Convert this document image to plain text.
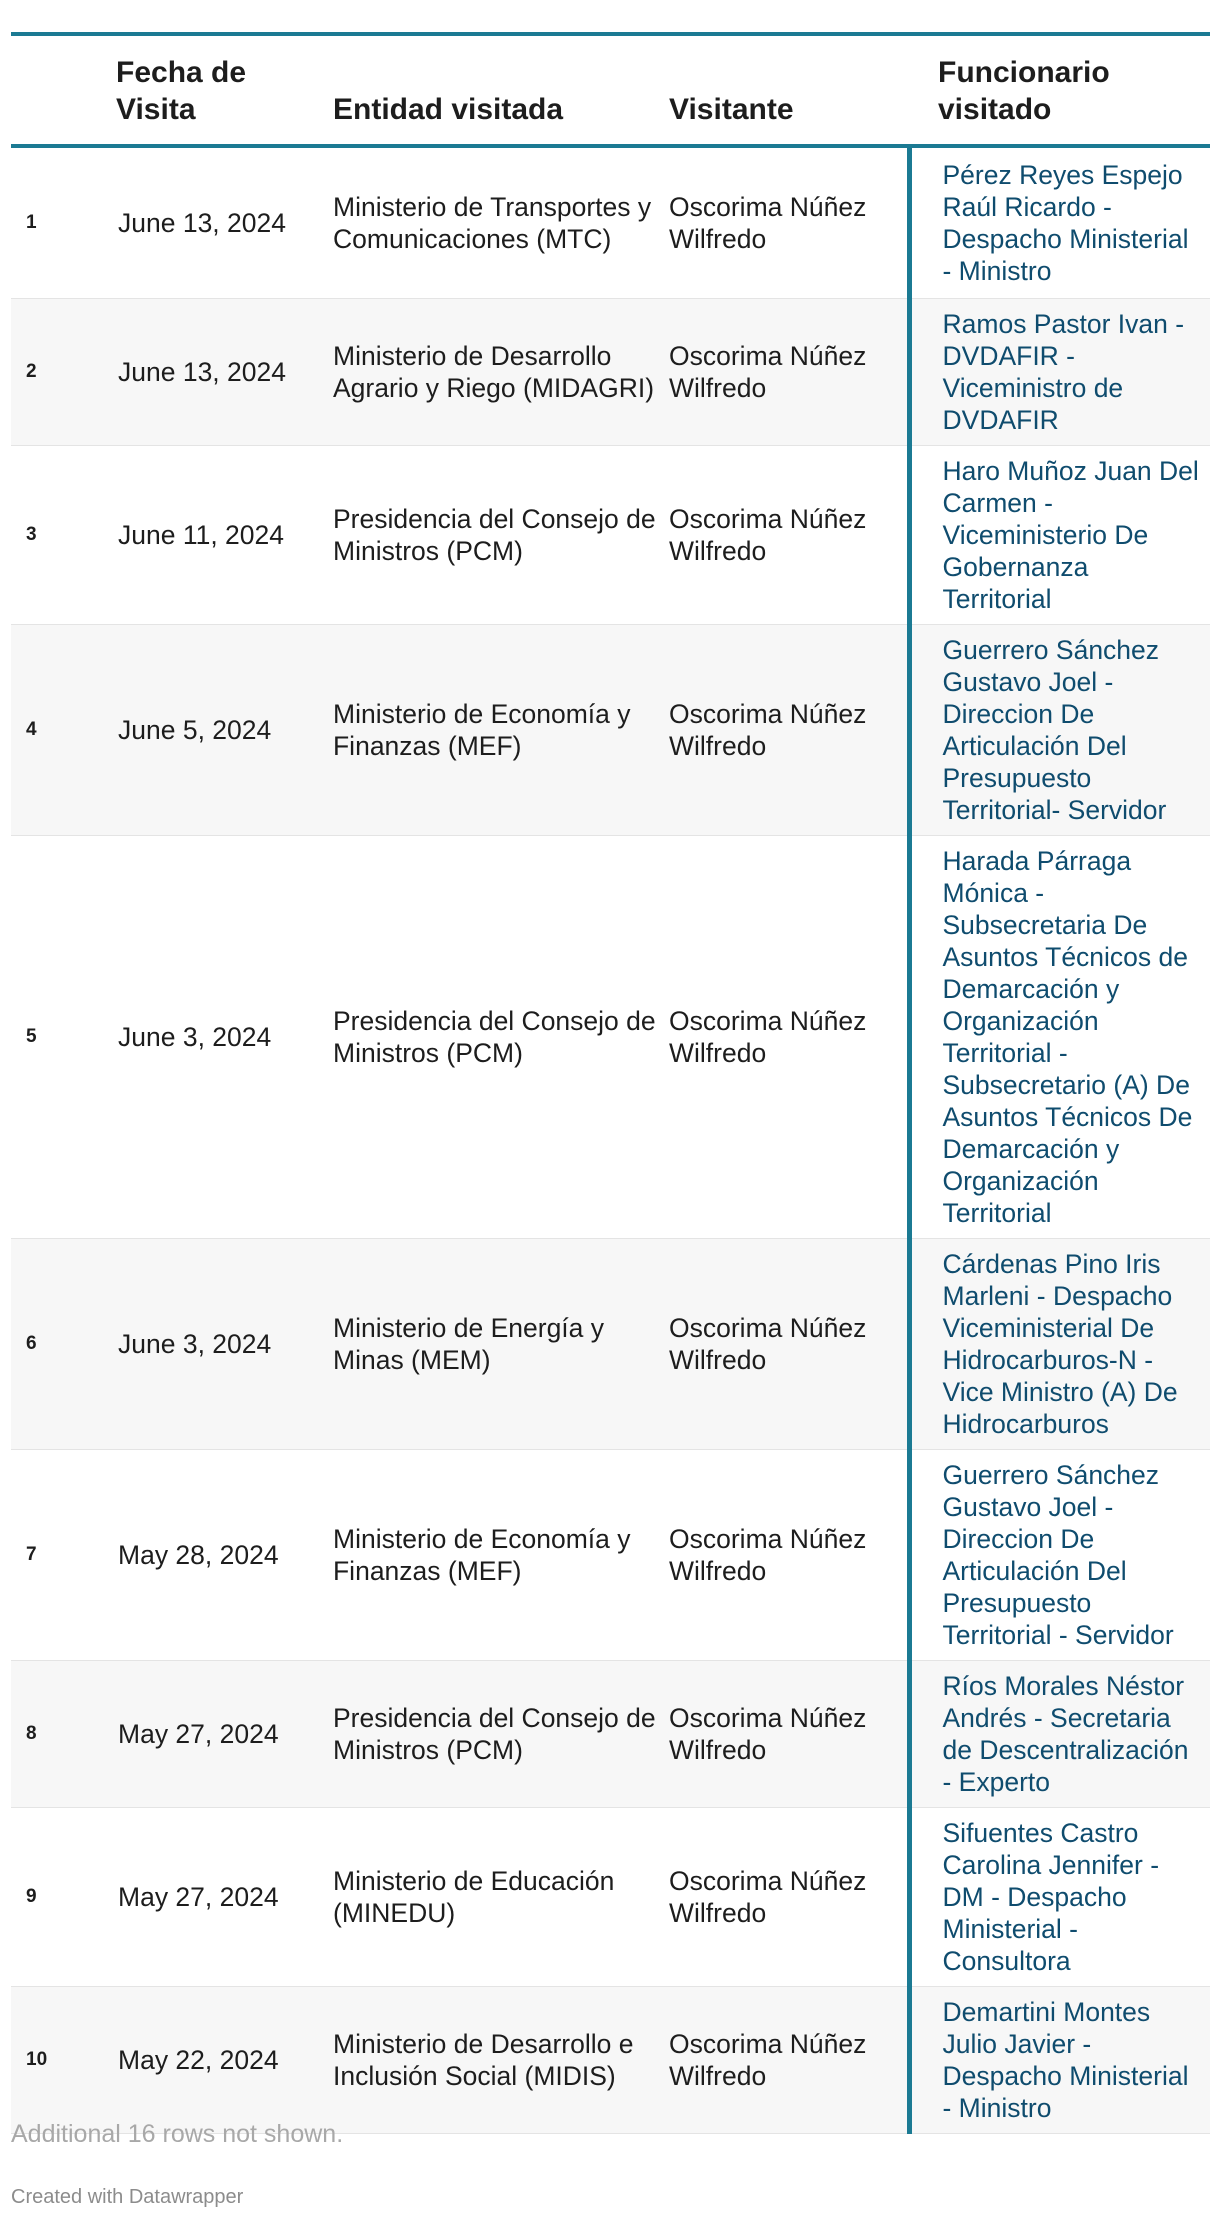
	Fecha de Visita	Entidad visitada	Visitante	Funcionario visitado
1	June 13, 2024	Ministerio de Transportes y Comunicaciones (MTC)	Oscorima Núñez Wilfredo	Pérez Reyes Espejo Raúl Ricardo - Despacho Ministerial - Ministro
2	June 13, 2024	Ministerio de Desarrollo Agrario y Riego (MIDAGRI)	Oscorima Núñez Wilfredo	Ramos Pastor Ivan - DVDAFIR - Viceministro de DVDAFIR
3	June 11, 2024	Presidencia del Consejo de Ministros (PCM)	Oscorima Núñez Wilfredo	Haro Muñoz Juan Del Carmen - Viceministerio De Gobernanza Territorial
4	June 5, 2024	Ministerio de Economía y Finanzas (MEF)	Oscorima Núñez Wilfredo	Guerrero Sánchez Gustavo Joel - Direccion De Articulación Del Presupuesto Territorial- Servidor
5	June 3, 2024	Presidencia del Consejo de Ministros (PCM)	Oscorima Núñez Wilfredo	Harada Párraga Mónica - Subsecretaria De Asuntos Técnicos de Demarcación y Organización Territorial - Subsecretario (A) De Asuntos Técnicos De Demarcación y Organización Territorial
6	June 3, 2024	Ministerio de Energía y Minas (MEM)	Oscorima Núñez Wilfredo	Cárdenas Pino Iris Marleni - Despacho Viceministerial De Hidrocarburos-N - Vice Ministro (A) De Hidrocarburos
7	May 28, 2024	Ministerio de Economía y Finanzas (MEF)	Oscorima Núñez Wilfredo	Guerrero Sánchez Gustavo Joel - Direccion De Articulación Del Presupuesto Territorial - Servidor
8	May 27, 2024	Presidencia del Consejo de Ministros (PCM)	Oscorima Núñez Wilfredo	Ríos Morales Néstor Andrés - Secretaria de Descentralización - Experto
9	May 27, 2024	Ministerio de Educación (MINEDU)	Oscorima Núñez Wilfredo	Sifuentes Castro Carolina Jennifer - DM - Despacho Ministerial - Consultora
10	May 22, 2024	Ministerio de Desarrollo e Inclusión Social (MIDIS)	Oscorima Núñez Wilfredo	Demartini Montes Julio Javier - Despacho Ministerial - Ministro
Additional 16 rows not shown.
Created with Datawrapper
